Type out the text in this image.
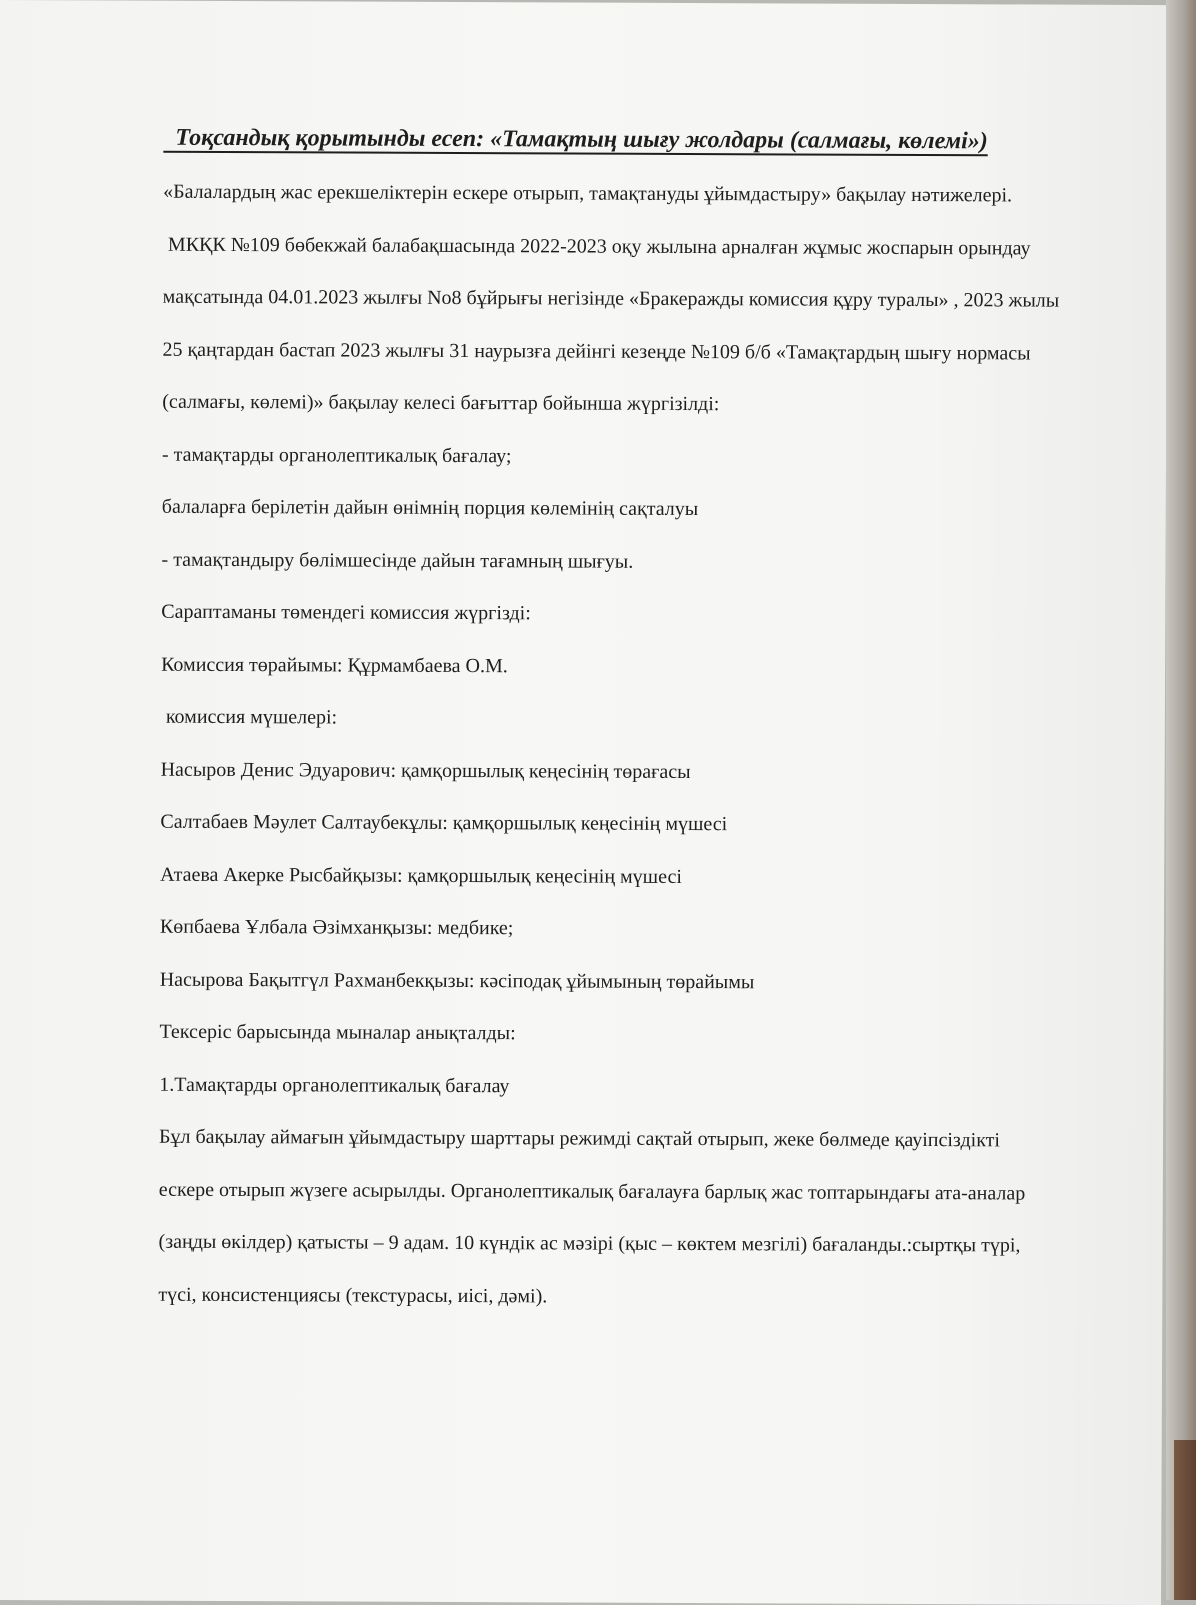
Тоқсандық қорытынды есеп: «Тамақтың шығу жолдары (салмағы, көлемі»)

«Балалардың жас ерекшеліктерін ескере отырып, тамақтануды ұйымдастыру» бақылау нәтижелері.

МКҚК №109 бөбекжай балабақшасында 2022-2023 оқу жылына арналған жұмыс жоспарын орындау мақсатында 04.01.2023 жылғы No8 бұйрығы негізінде «Бракеражды комиссия құру туралы» , 2023 жылы 25 қаңтардан бастап 2023 жылғы 31 наурызға дейінгі кезеңде №109 б/б «Тамақтардың шығу нормасы (салмағы, көлемі)» бақылау келесі бағыттар бойынша жүргізілді:

- тамақтарды органолептикалық бағалау;

балаларға берілетін дайын өнімнің порция көлемінің сақталуы

- тамақтандыру бөлімшесінде дайын тағамның шығуы.

Сараптаманы төмендегі комиссия жүргізді:

Комиссия төрайымы: Құрмамбаева О.М.

комиссия мүшелері:

Насыров Денис Эдуарович: қамқоршылық кеңесінің төрағасы

Салтабаев Мәулет Салтаубекұлы: қамқоршылық кеңесінің мүшесі

Атаева Акерке Рысбайқызы: қамқоршылық кеңесінің мүшесі

Көпбаева Ұлбала Әзімханқызы: медбике;

Насырова Бақытгүл Рахманбекқызы: кәсіподақ ұйымының төрайымы

Тексеріс барысында мыналар анықталды:

1.Тамақтарды органолептикалық бағалау

Бұл бақылау аймағын ұйымдастыру шарттары режимді сақтай отырып, жеке бөлмеде қауіпсіздікті ескере отырып жүзеге асырылды. Органолептикалық бағалауға барлық жас топтарындағы ата-аналар (заңды өкілдер) қатысты – 9 адам. 10 күндік ас мәзірі (қыс – көктем мезгілі) бағаланды.:сыртқы түрі, түсі, консистенциясы (текстурасы, иісі, дәмі).
